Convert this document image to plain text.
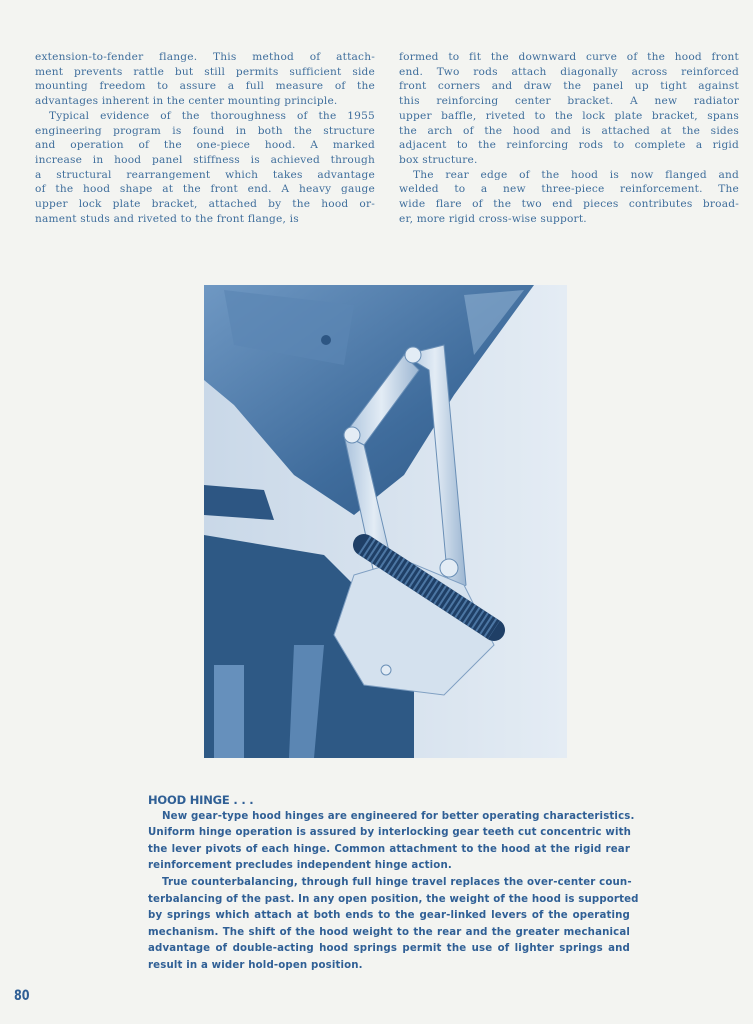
extension-to-fender flange. This method of attach-
ment prevents rattle but still permits sufficient side
mounting freedom to assure a full measure of the
advantages inherent in the center mounting principle.
Typical evidence of the thoroughness of the 1955
engineering program is found in both the structure
and operation of the one-piece hood. A marked
increase in hood panel stiffness is achieved through
a structural rearrangement which takes advantage
of the hood shape at the front end. A heavy gauge
upper lock plate bracket, attached by the hood or-
nament studs and riveted to the front flange, is
formed to fit the downward curve of the hood front
end. Two rods attach diagonally across reinforced
front corners and draw the panel up tight against
this reinforcing center bracket. A new radiator
upper baffle, riveted to the lock plate bracket, spans
the arch of the hood and is attached at the sides
adjacent to the reinforcing rods to complete a rigid
box structure.
The rear edge of the hood is now flanged and
welded to a new three-piece reinforcement. The
wide flare of the two end pieces contributes broad-
er, more rigid cross-wise support.
HOOD HINGE . . .
New gear-type hood hinges are engineered for better operating characteristics.
Uniform hinge operation is assured by interlocking gear teeth cut concentric with
the lever pivots of each hinge. Common attachment to the hood at the rigid rear
reinforcement precludes independent hinge action.
True counterbalancing, through full hinge travel replaces the over-center coun-
terbalancing of the past. In any open position, the weight of the hood is supported
by springs which attach at both ends to the gear-linked levers of the operating
mechanism. The shift of the hood weight to the rear and the greater mechanical
advantage of double-acting hood springs permit the use of lighter springs and
result in a wider hold-open position.
80
